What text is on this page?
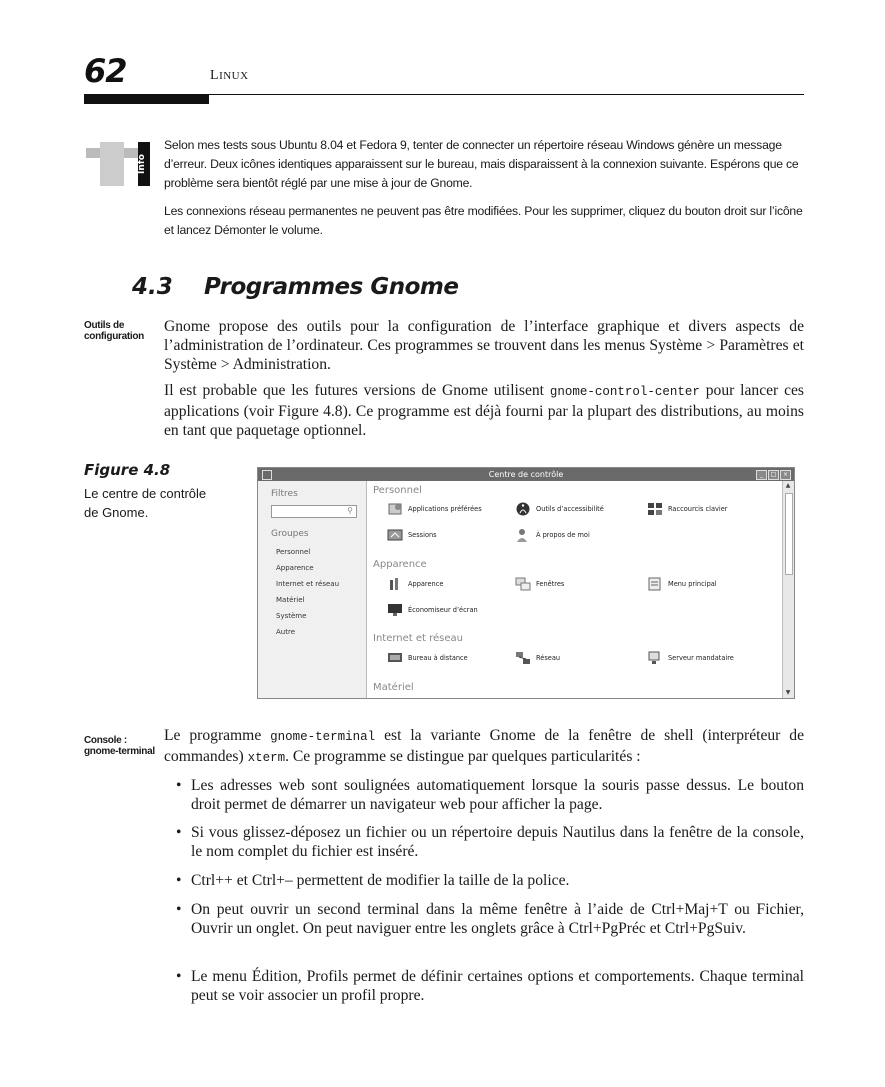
62	LINUX
Info
Selon mes tests sous Ubuntu 8.04 et Fedora 9, tenter de connecter un répertoire réseau Windows génère un message d’erreur. Deux icônes identiques apparaissent sur le bureau, mais disparaissent à la connexion suivante. Espérons que ce problème sera bientôt réglé par une mise à jour de Gnome.
Les connexions réseau permanentes ne peuvent pas être modifiées. Pour les supprimer, cliquez du bouton droit sur l’icône et lancez Démonter le volume.
4.3 Programmes Gnome
Outils de configuration
Gnome propose des outils pour la configuration de l’interface graphique et divers aspects de l’administration de l’ordinateur. Ces programmes se trouvent dans les menus Système > Paramètres et Système > Administration.
Il est probable que les futures versions de Gnome utilisent gnome-control-center pour lancer ces applications (voir Figure 4.8). Ce programme est déjà fourni par la plupart des distributions, au moins en tant que paquetage optionnel.
Figure 4.8
Le centre de contrôle de Gnome.
Centre de contrôle	_	□	×
Filtres
⚲
Groupes
Personnel
Apparence
Internet et réseau
Matériel
Système
Autre
Personnel
Applications préférées	Outils d’accessibilité	Raccourcis clavier
Sessions	À propos de moi
Apparence
Apparence	Fenêtres	Menu principal
Économiseur d’écran
Internet et réseau
Bureau à distance	Réseau	Serveur mandataire
Matériel
▲
▼
Console : gnome-terminal
Le programme gnome-terminal est la variante Gnome de la fenêtre de shell (interpréteur de commandes) xterm. Ce programme se distingue par quelques particularités :
• Les adresses web sont soulignées automatiquement lorsque la souris passe dessus. Le bouton droit permet de démarrer un navigateur web pour afficher la page.
• Si vous glissez-déposez un fichier ou un répertoire depuis Nautilus dans la fenêtre de la console, le nom complet du fichier est inséré.
• Ctrl++ et Ctrl+– permettent de modifier la taille de la police.
• On peut ouvrir un second terminal dans la même fenêtre à l’aide de Ctrl+Maj+T ou Fichier, Ouvrir un onglet. On peut naviguer entre les onglets grâce à Ctrl+PgPréc et Ctrl+PgSuiv.
• Le menu Édition, Profils permet de définir certaines options et comportements. Chaque terminal peut se voir associer un profil propre.
